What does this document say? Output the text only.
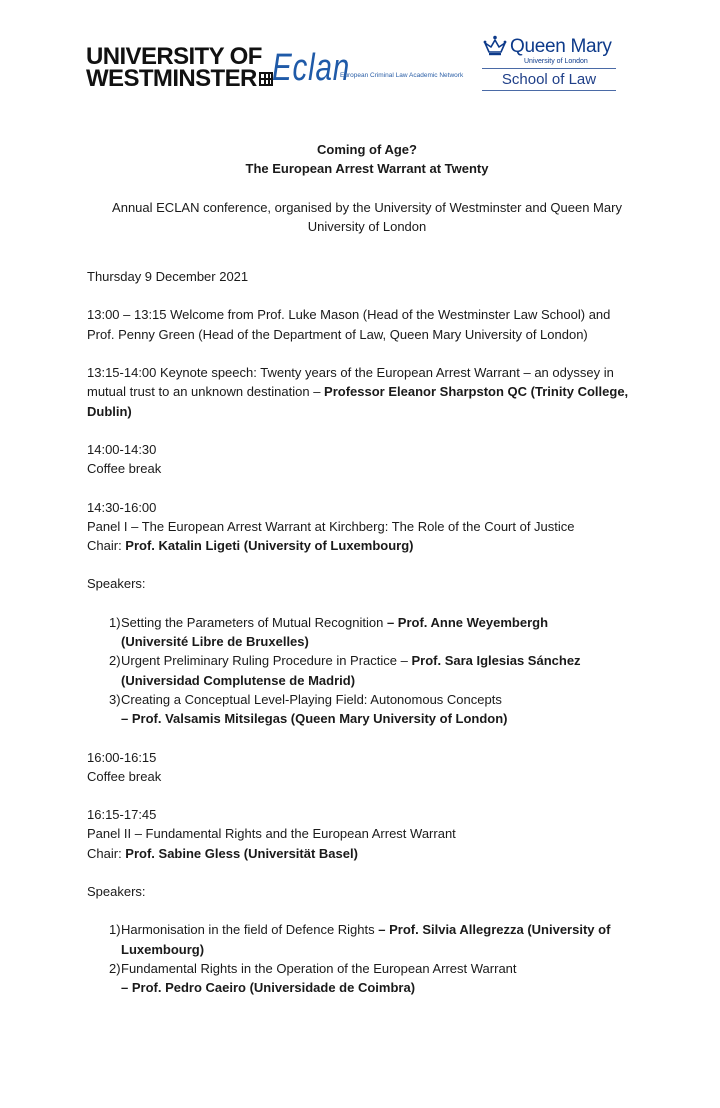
UNIVERSITY OF
WESTMINSTER Eclan
European Criminal Law Academic Network
Queen Mary
University of London
School of Law

Coming of Age?

The European Arrest Warrant at Twenty

Annual ECLAN conference, organised by the University of Westminster and Queen Mary

University of London

Thursday 9 December 2021

13:00 – 13:15 Welcome from Prof. Luke Mason (Head of the Westminster Law School) and

Prof. Penny Green (Head of the Department of Law, Queen Mary University of London)

13:15-14:00 Keynote speech: Twenty years of the European Arrest Warrant – an odyssey in

mutual trust to an unknown destination – Professor Eleanor Sharpston QC (Trinity College,

Dublin)

14:00-14:30

Coffee break

14:30-16:00

Panel I – The European Arrest Warrant at Kirchberg: The Role of the Court of Justice

Chair: Prof. Katalin Ligeti (University of Luxembourg)

Speakers:

1) Setting the Parameters of Mutual Recognition – Prof. Anne Weyembergh
(Université Libre de Bruxelles)
2) Urgent Preliminary Ruling Procedure in Practice – Prof. Sara Iglesias Sánchez
(Universidad Complutense de Madrid)
3) Creating a Conceptual Level-Playing Field: Autonomous Concepts
– Prof. Valsamis Mitsilegas (Queen Mary University of London)

16:00-16:15

Coffee break

16:15-17:45

Panel II – Fundamental Rights and the European Arrest Warrant

Chair: Prof. Sabine Gless (Universität Basel)

Speakers:

1) Harmonisation in the field of Defence Rights – Prof. Silvia Allegrezza (University of
Luxembourg)
2) Fundamental Rights in the Operation of the European Arrest Warrant
– Prof. Pedro Caeiro (Universidade de Coimbra)
